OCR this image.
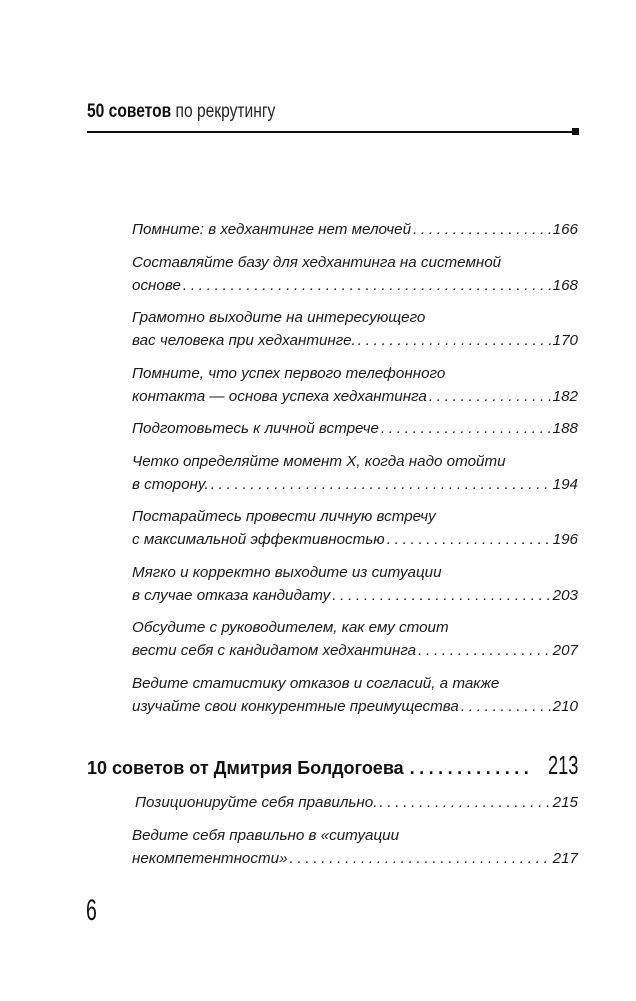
50 советов по рекрутингу
Помните: в хедхантинге нет мелочей
. . .	166
Составляйте базу для хедхантинга на системной
основе
. . .	168
Грамотно выходите на интересующего
вас человека при хедхантинге.
. . .	170
Помните, что успех первого телефонного
контакта — основа успеха хедхантинга
. . .	182
Подготовьтесь к личной встрече
. . .	188
Четко определяйте момент Х, когда надо отойти
в сторону.
. . .	194
Постарайтесь провести личную встречу
с максимальной эффективностью
. . .	196
Мягко и корректно выходите из ситуации
в случае отказа кандидату
. . .	203
Обсудите с руководителем, как ему стоит
вести себя с кандидатом хедхантинга
. . .	207
Ведите статистику отказов и согласий, а также
изучайте свои конкурентные преимущества
. . .	210
10 советов от Дмитрия Болдогоева
. . .	213
Позиционируйте себя правильно.
. . .	215
Ведите себя правильно в «ситуации
некомпетентности»
. . .	217
6
